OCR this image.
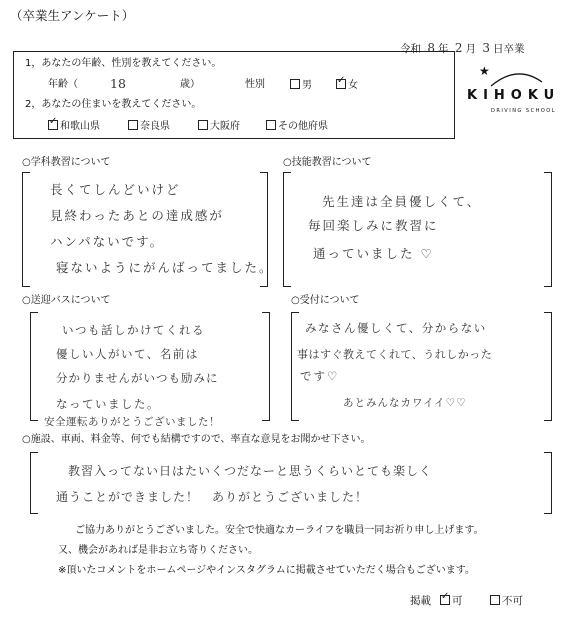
（卒業生アンケート）
令和 8 年 2 月 3 日卒業
★
KIHOKU
DRIVING SCHOOL
1，あなたの年齢、性別を教えてください。
年齢（	18	歳）	性別	男 ✓	女
2，あなたの住まいを教えてください。
✓和歌山県	奈良県	大阪府	その他府県
○学科教習について
長くてしんどいけど
見終わったあとの達成感が
ハンパないです。
寝ないようにがんばってました。
○技能教習について
先生達は全員優しくて、
毎回楽しみに教習に
通っていました ♡
○送迎バスについて
いつも話しかけてくれる
優しい人がいて、名前は
分かりませんがいつも励みに
なっていました。
安全運転ありがとうございました！
○受付について
みなさん優しくて、分からない
事はすぐ教えてくれて、うれしかった
です♡
あとみんなカワイイ♡♡
○施設、車両、料金等、何でも結構ですので、率直な意見をお聞かせ下さい。
教習入ってない日はたいくつだなーと思うくらいとても楽しく
通うことができました！　ありがとうございました！
ご協力ありがとうございました。安全で快適なカーライフを職員一同お祈り申し上げます。
又、機会があれば是非お立ち寄りください。
※頂いたコメントをホームページやインスタグラムに掲載させていただく場合もございます。
掲載 ✓	可	不可
